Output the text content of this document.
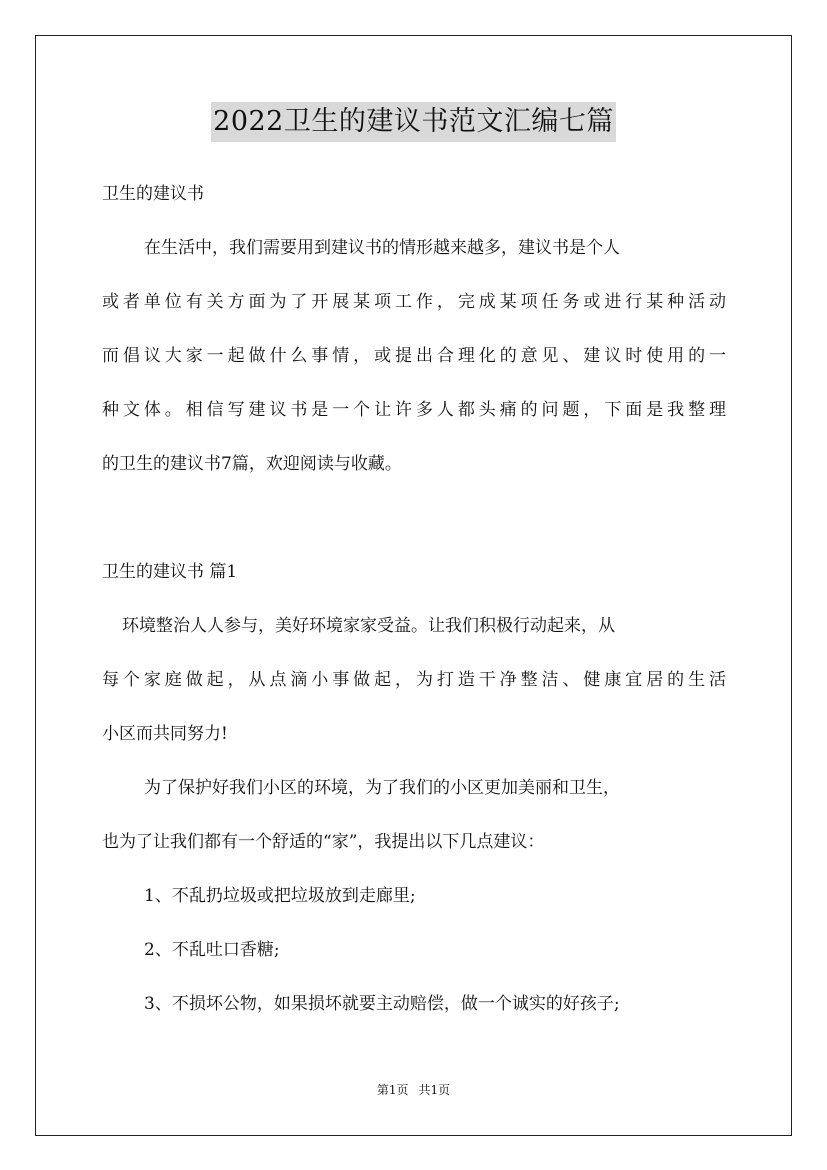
2022卫生的建议书范文汇编七篇
卫生的建议书
在生活中，我们需要用到建议书的情形越来越多，建议书是个人
或者单位有关方面为了开展某项工作，完成某项任务或进行某种活动
而倡议大家一起做什么事情，或提出合理化的意见、建议时使用的一
种文体。相信写建议书是一个让许多人都头痛的问题，下面是我整理
的卫生的建议书7篇，欢迎阅读与收藏。
卫生的建议书 篇1
环境整治人人参与，美好环境家家受益。让我们积极行动起来，从
每个家庭做起，从点滴小事做起，为打造干净整洁、健康宜居的生活
小区而共同努力!
为了保护好我们小区的环境，为了我们的小区更加美丽和卫生，
也为了让我们都有一个舒适的“家”，我提出以下几点建议：
1、不乱扔垃圾或把垃圾放到走廊里;
2、不乱吐口香糖;
3、不损坏公物，如果损坏就要主动赔偿，做一个诚实的好孩子;
第1页 共1页
